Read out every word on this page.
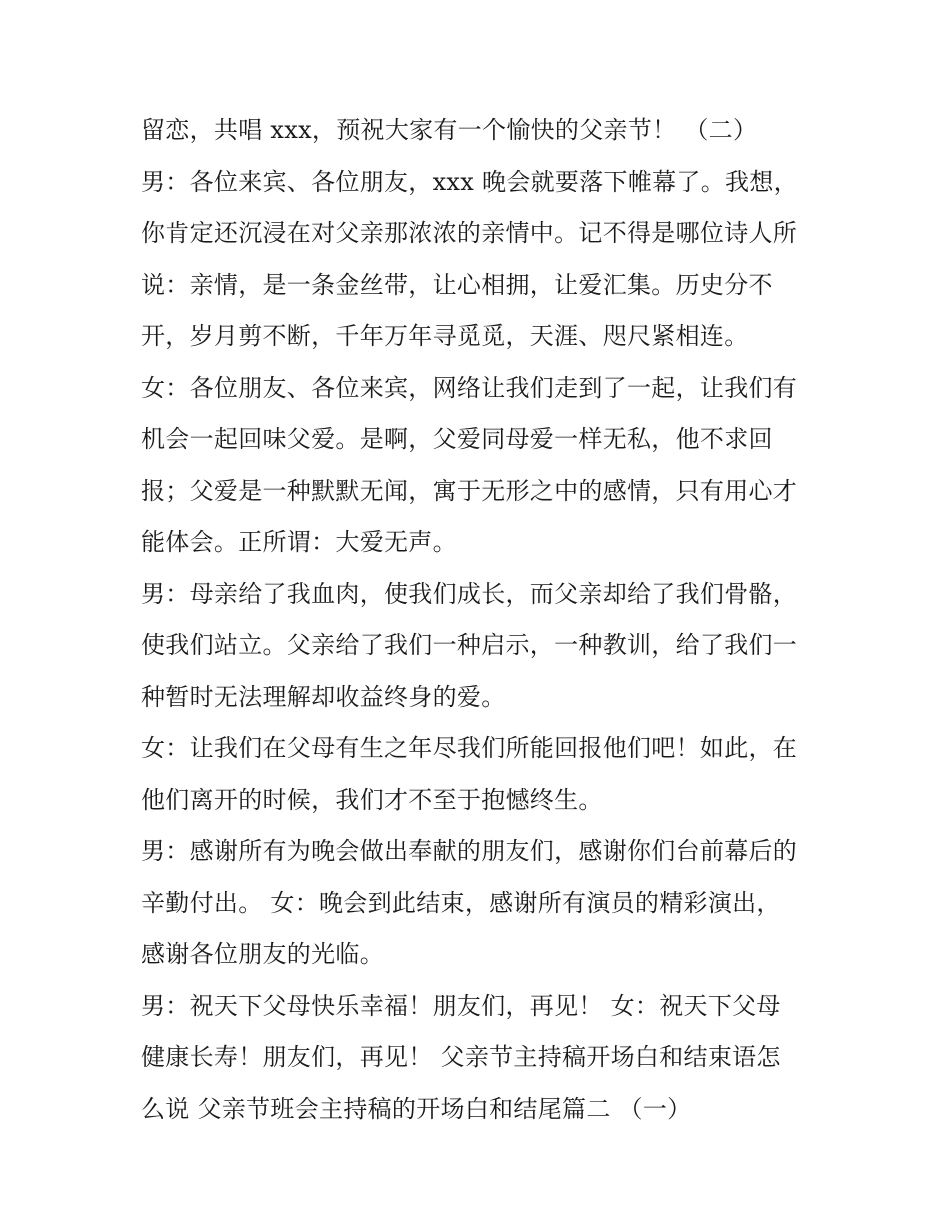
留恋，共唱 xxx，预祝大家有一个愉快的父亲节！ （二）
男：各位来宾、各位朋友，xxx 晚会就要落下帷幕了。我想，
你肯定还沉浸在对父亲那浓浓的亲情中。记不得是哪位诗人所
说：亲情，是一条金丝带，让心相拥，让爱汇集。历史分不
开，岁月剪不断，千年万年寻觅觅，天涯、咫尺紧相连。
女：各位朋友、各位来宾，网络让我们走到了一起，让我们有
机会一起回味父爱。是啊，父爱同母爱一样无私，他不求回
报；父爱是一种默默无闻，寓于无形之中的感情，只有用心才
能体会。正所谓：大爱无声。
男：母亲给了我血肉，使我们成长，而父亲却给了我们骨骼，
使我们站立。父亲给了我们一种启示，一种教训，给了我们一
种暂时无法理解却收益终身的爱。
女：让我们在父母有生之年尽我们所能回报他们吧！如此，在
他们离开的时候，我们才不至于抱憾终生。
男：感谢所有为晚会做出奉献的朋友们，感谢你们台前幕后的
辛勤付出。 女：晚会到此结束，感谢所有演员的精彩演出，
感谢各位朋友的光临。
男：祝天下父母快乐幸福！朋友们，再见！ 女：祝天下父母
健康长寿！朋友们，再见！ 父亲节主持稿开场白和结束语怎
么说 父亲节班会主持稿的开场白和结尾篇二 （一）
